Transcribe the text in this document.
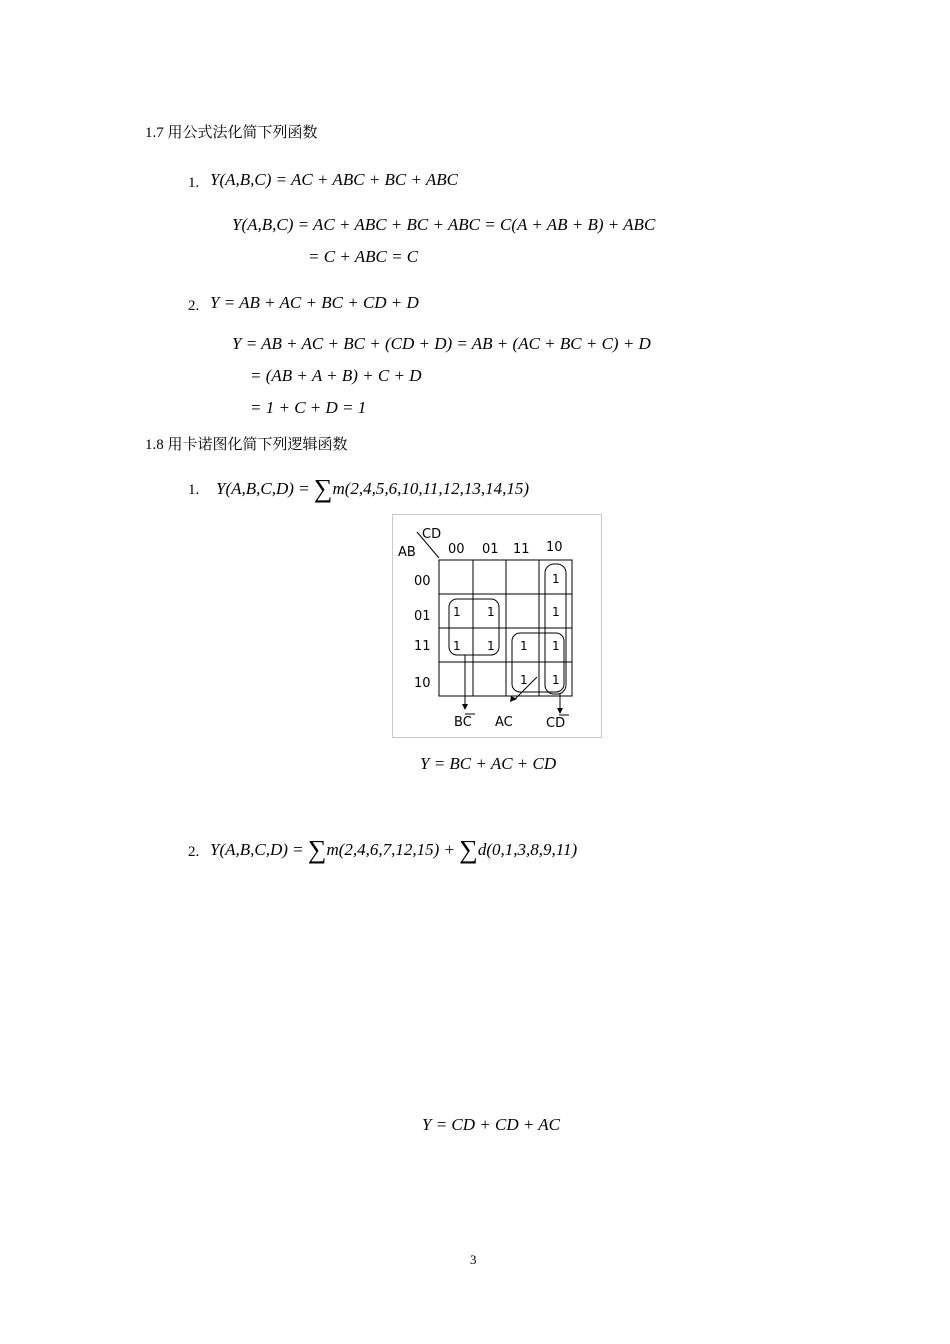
1.7 用公式法化简下列函数
1. Y(A,B,C) = AC + ABC + BC + ABC
Y(A,B,C) = AC + ABC + BC + ABC = C(A + AB + B) + ABC
= C + ABC = C
2. Y = AB + AC + BC + CD + D
Y = AB + AC + BC + (CD + D) = AB + (AC + BC + C) + D
= (AB + A + B) + C + D
= 1 + C + D = 1
1.8 用卡诺图化简下列逻辑函数
1. Y(A,B,C,D) = ∑m(2,4,5,6,10,11,12,13,14,15)
CD
AB 00 01 11 10
00
01
11
10
1
1 1	1
1 1 1 1
1 1
BC AC	CD
Y = BC + AC + CD
2. Y(A,B,C,D) = ∑m(2,4,6,7,12,15) + ∑d(0,1,3,8,9,11)
Y = CD + CD + AC
3
